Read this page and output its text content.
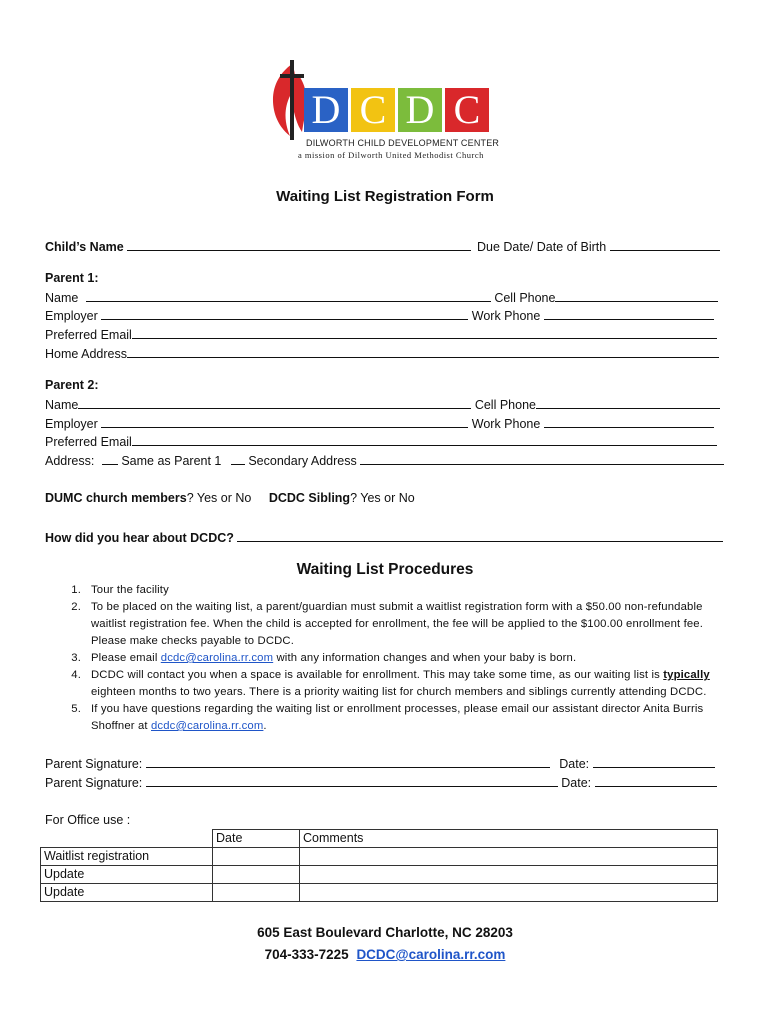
D C D C
DILWORTH CHILD DEVELOPMENT CENTER
a mission of Dilworth United Methodist Church
Waiting List Registration Form
Child’s Name	Due Date/ Date of Birth
Parent 1:
Name	Cell Phone
Employer	Work Phone
Preferred Email
Home Address
Parent 2:
Name	Cell Phone
Employer	Work Phone
Preferred Email
Address: Same as Parent 1 Secondary Address
DUMC church members? Yes or No DCDC Sibling? Yes or No
How did you hear about DCDC?
Waiting List Procedures
1. Tour the facility
2. To be placed on the waiting list, a parent/guardian must submit a waitlist registration form with a $50.00 non-refundable waitlist registration fee. When the child is accepted for enrollment, the fee will be applied to the $100.00 enrollment fee. Please make checks payable to DCDC.
3. Please email dcdc@carolina.rr.com with any information changes and when your baby is born.
4. DCDC will contact you when a space is available for enrollment. This may take some time, as our waiting list is typically eighteen months to two years. There is a priority waiting list for church members and siblings currently attending DCDC.
5. If you have questions regarding the waiting list or enrollment processes, please email our assistant director Anita Burris Shoffner at dcdc@carolina.rr.com.
Parent Signature:	Date:
Parent Signature:	Date:
For Office use :
	Date	Comments
Waitlist registration		
Update		
Update		
605 East Boulevard Charlotte, NC 28203
704-333-7225 DCDC@carolina.rr.com
